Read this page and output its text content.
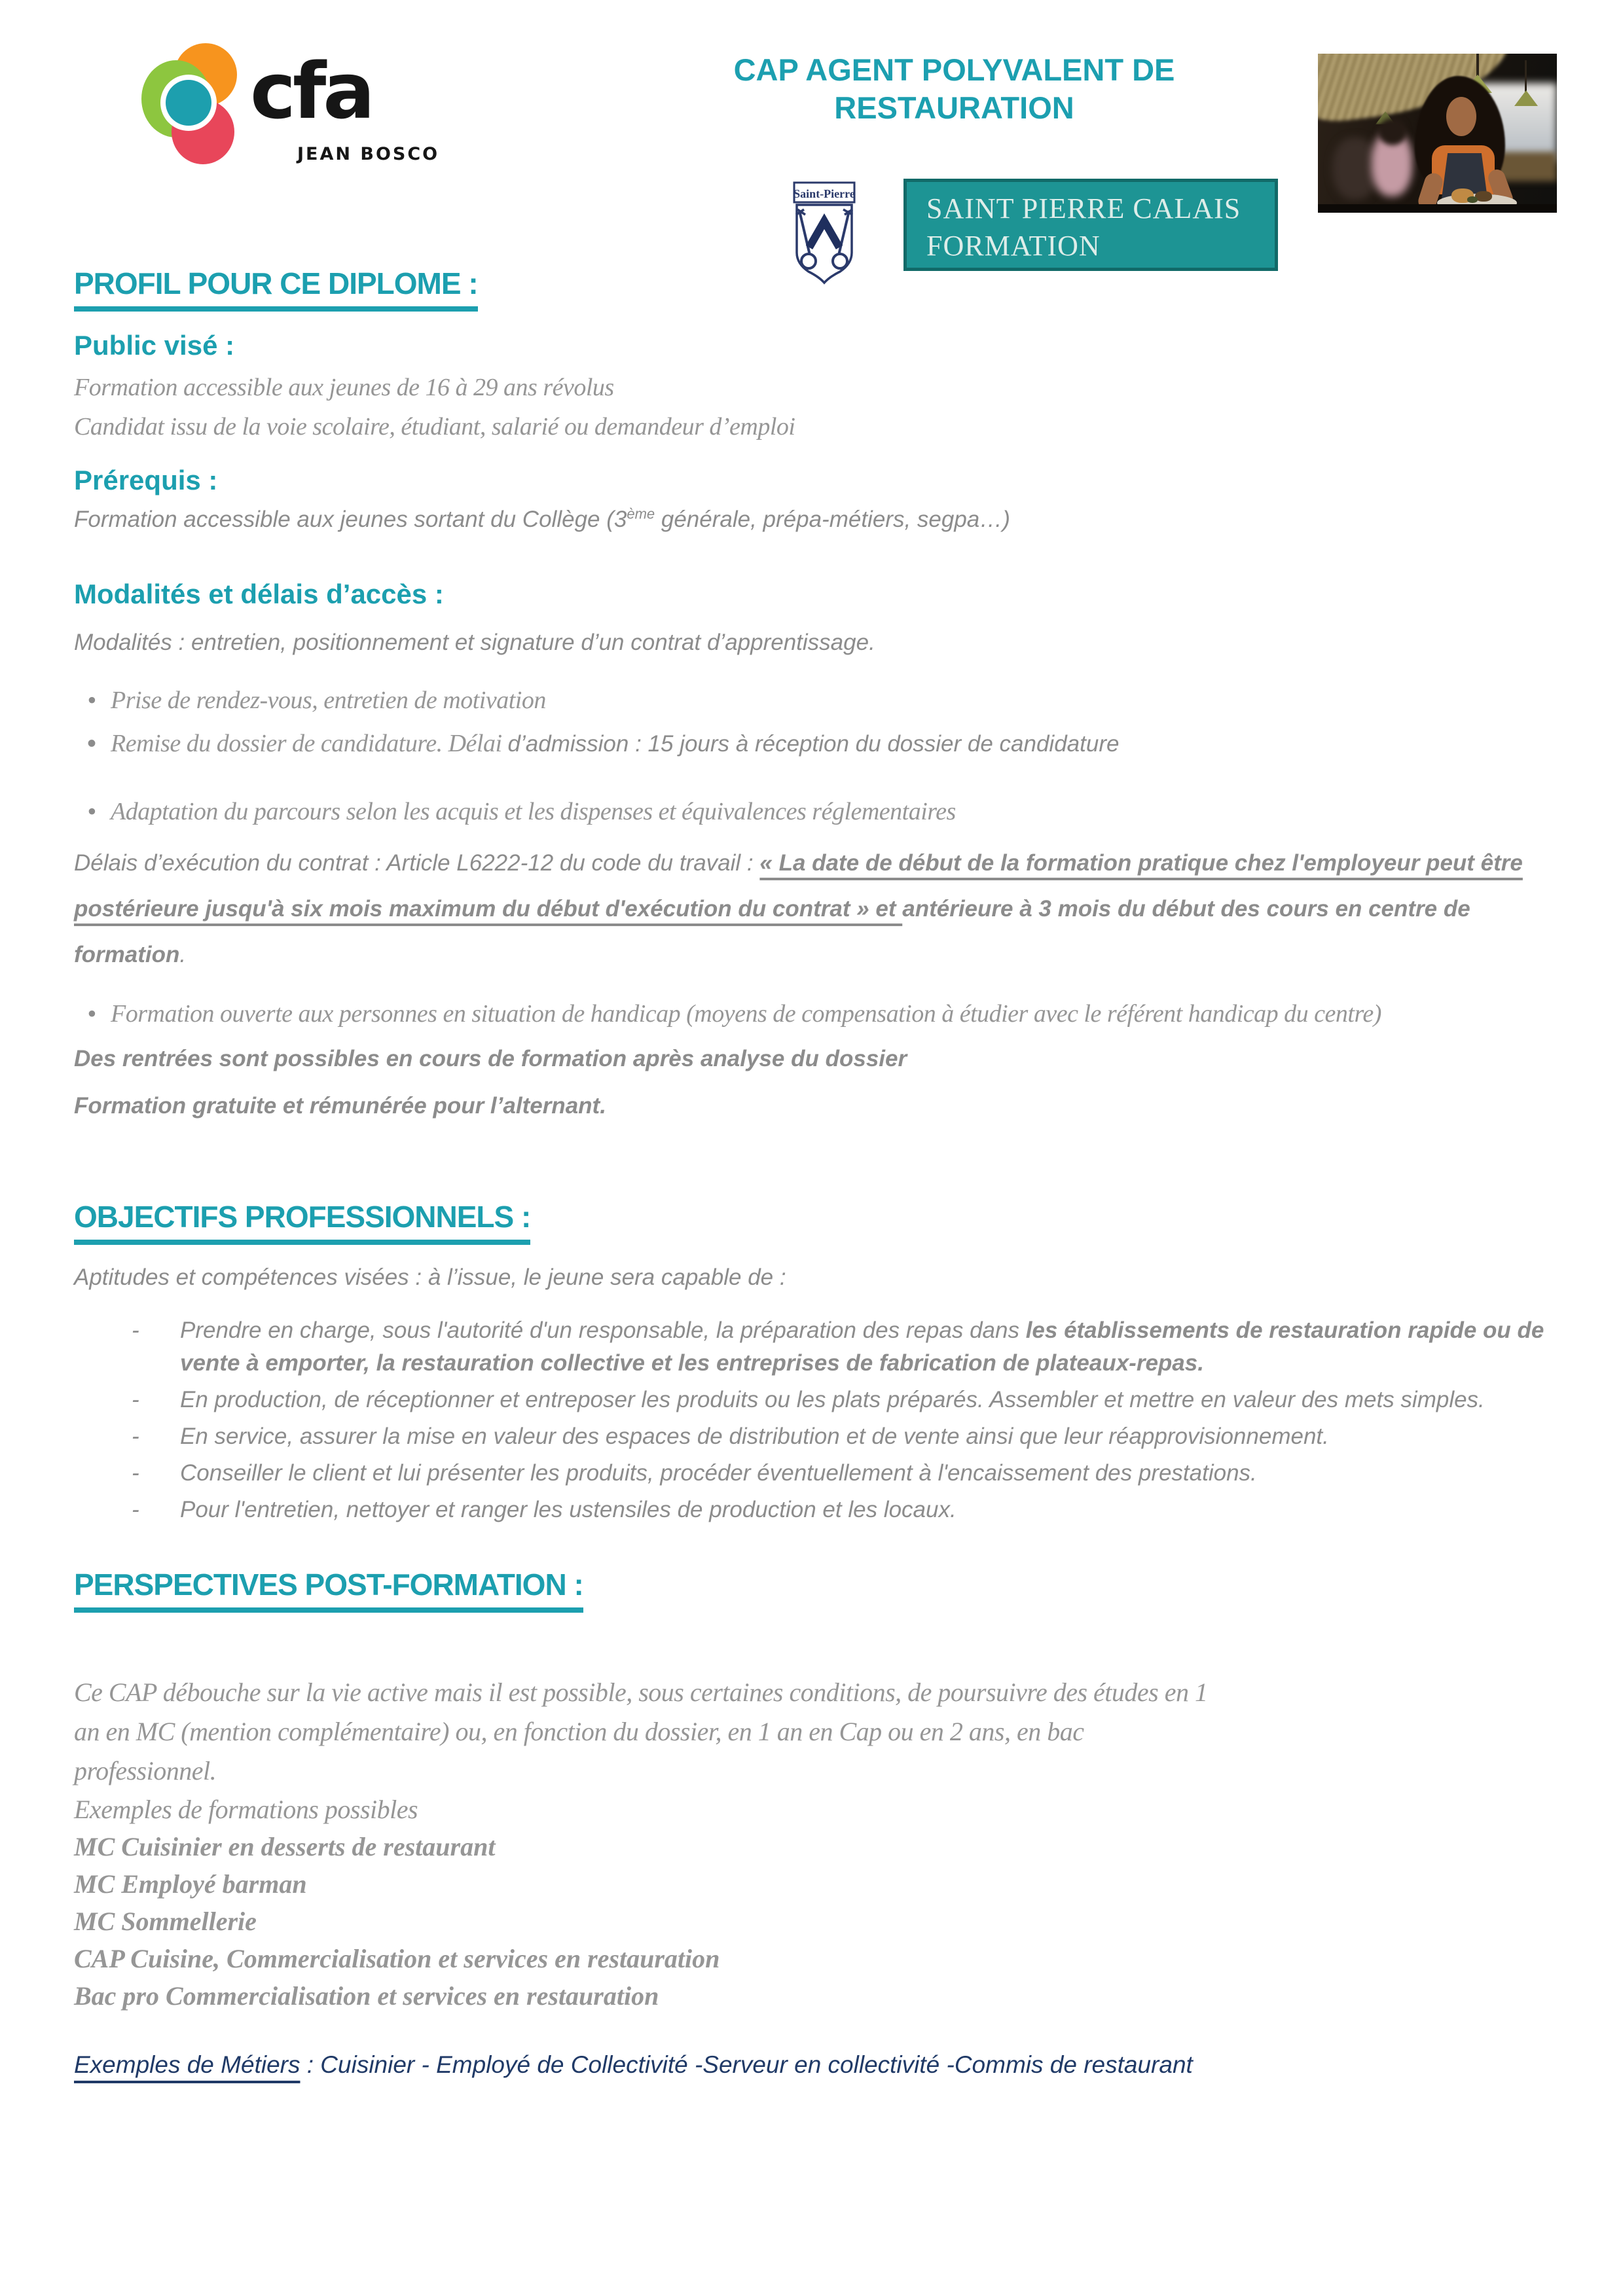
cfa
JEAN BOSCO
CAP AGENT POLYVALENT DE
RESTAURATION
Saint-Pierre SAINT PIERRE CALAIS
FORMATION
PROFIL POUR CE DIPLOME :
Public visé :

Formation accessible aux jeunes de 16 à 29 ans révolus
Candidat issu de la voie scolaire, étudiant, salarié ou demandeur d’emploi

Prérequis :

Formation accessible aux jeunes sortant du Collège (3ème générale, prépa-métiers, segpa…)

Modalités et délais d’accès :

Modalités : entretien, positionnement et signature d’un contrat d’apprentissage.

• Prise de rendez-vous, entretien de motivation
• Remise du dossier de candidature. Délai d’admission : 15 jours à réception du dossier de candidature
• Adaptation du parcours selon les acquis et les dispenses et équivalences réglementaires

Délais d’exécution du contrat : Article L6222-12 du code du travail : « La date de début de la formation pratique chez l'employeur peut être postérieure jusqu'à six mois maximum du début d'exécution du contrat » et antérieure à 3 mois du début des cours en centre de formation.

• Formation ouverte aux personnes en situation de handicap (moyens de compensation à étudier avec le référent handicap du centre)

Des rentrées sont possibles en cours de formation après analyse du dossier

Formation gratuite et rémunérée pour l’alternant.

OBJECTIFS PROFESSIONNELS :

Aptitudes et compétences visées : à l’issue, le jeune sera capable de :

- Prendre en charge, sous l'autorité d'un responsable, la préparation des repas dans les établissements de restauration rapide ou de vente à emporter, la restauration collective et les entreprises de fabrication de plateaux-repas.
- En production, de réceptionner et entreposer les produits ou les plats préparés. Assembler et mettre en valeur des mets simples.
- En service, assurer la mise en valeur des espaces de distribution et de vente ainsi que leur réapprovisionnement.
- Conseiller le client et lui présenter les produits, procéder éventuellement à l'encaissement des prestations.
- Pour l'entretien, nettoyer et ranger les ustensiles de production et les locaux.
PERSPECTIVES POST-FORMATION :

Ce CAP débouche sur la vie active mais il est possible, sous certaines conditions, de poursuivre des études en 1
an en MC (mention complémentaire) ou, en fonction du dossier, en 1 an en Cap ou en 2 ans, en bac
professionnel.

Exemples de formations possibles

MC Cuisinier en desserts de restaurant
MC Employé barman
MC Sommellerie
CAP Cuisine, Commercialisation et services en restauration
Bac pro Commercialisation et services en restauration

Exemples de Métiers : Cuisinier - Employé de Collectivité -Serveur en collectivité -Commis de restaurant
